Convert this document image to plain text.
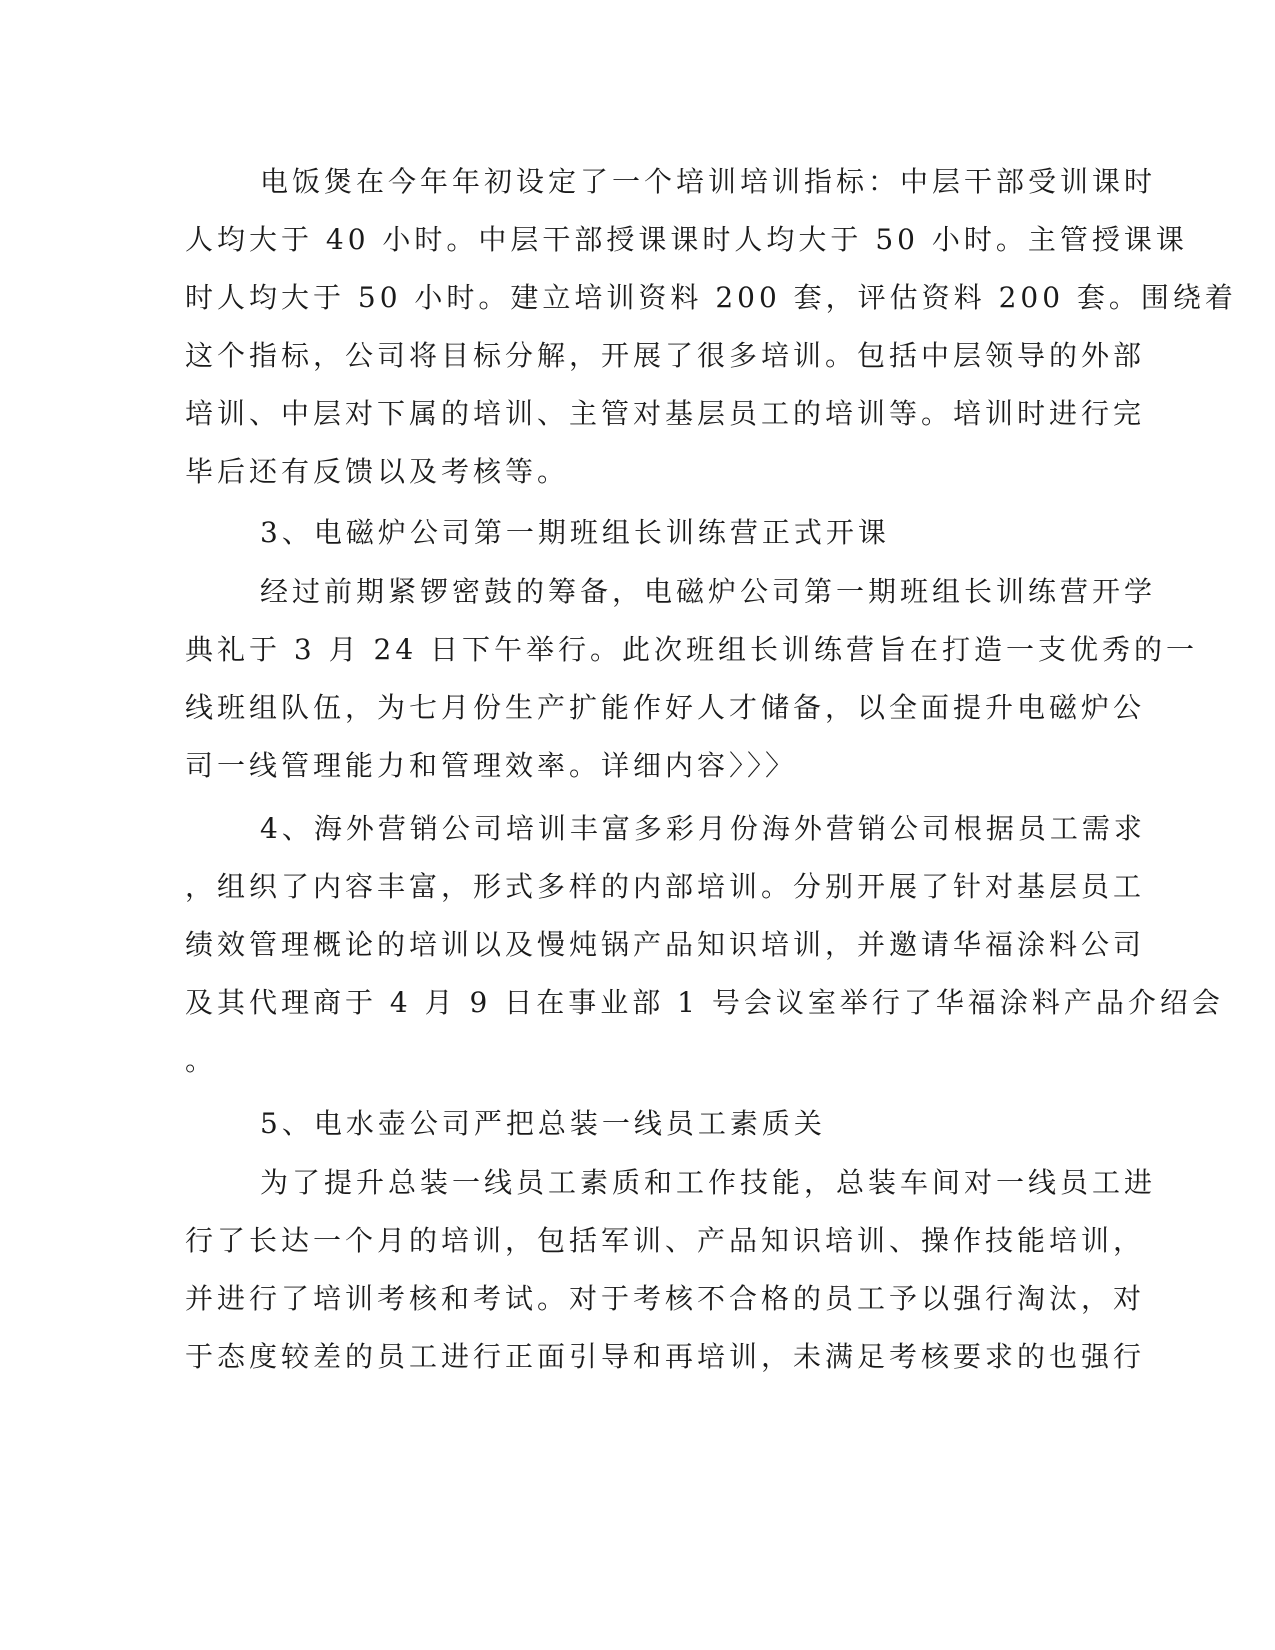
电饭煲在今年年初设定了一个培训培训指标：中层干部受训课时
人均大于 40 小时。中层干部授课课时人均大于 50 小时。主管授课课
时人均大于 50 小时。建立培训资料 200 套，评估资料 200 套。围绕着
这个指标，公司将目标分解，开展了很多培训。包括中层领导的外部
培训、中层对下属的培训、主管对基层员工的培训等。培训时进行完
毕后还有反馈以及考核等。
3、电磁炉公司第一期班组长训练营正式开课
经过前期紧锣密鼓的筹备，电磁炉公司第一期班组长训练营开学
典礼于 3 月 24 日下午举行。此次班组长训练营旨在打造一支优秀的一
线班组队伍，为七月份生产扩能作好人才储备，以全面提升电磁炉公
司一线管理能力和管理效率。详细内容〉〉〉
4、海外营销公司培训丰富多彩月份海外营销公司根据员工需求
，组织了内容丰富，形式多样的内部培训。分别开展了针对基层员工
绩效管理概论的培训以及慢炖锅产品知识培训，并邀请华福涂料公司
及其代理商于 4 月 9 日在事业部 1 号会议室举行了华福涂料产品介绍会
。
5、电水壶公司严把总装一线员工素质关
为了提升总装一线员工素质和工作技能，总装车间对一线员工进
行了长达一个月的培训，包括军训、产品知识培训、操作技能培训，
并进行了培训考核和考试。对于考核不合格的员工予以强行淘汰，对
于态度较差的员工进行正面引导和再培训，未满足考核要求的也强行
